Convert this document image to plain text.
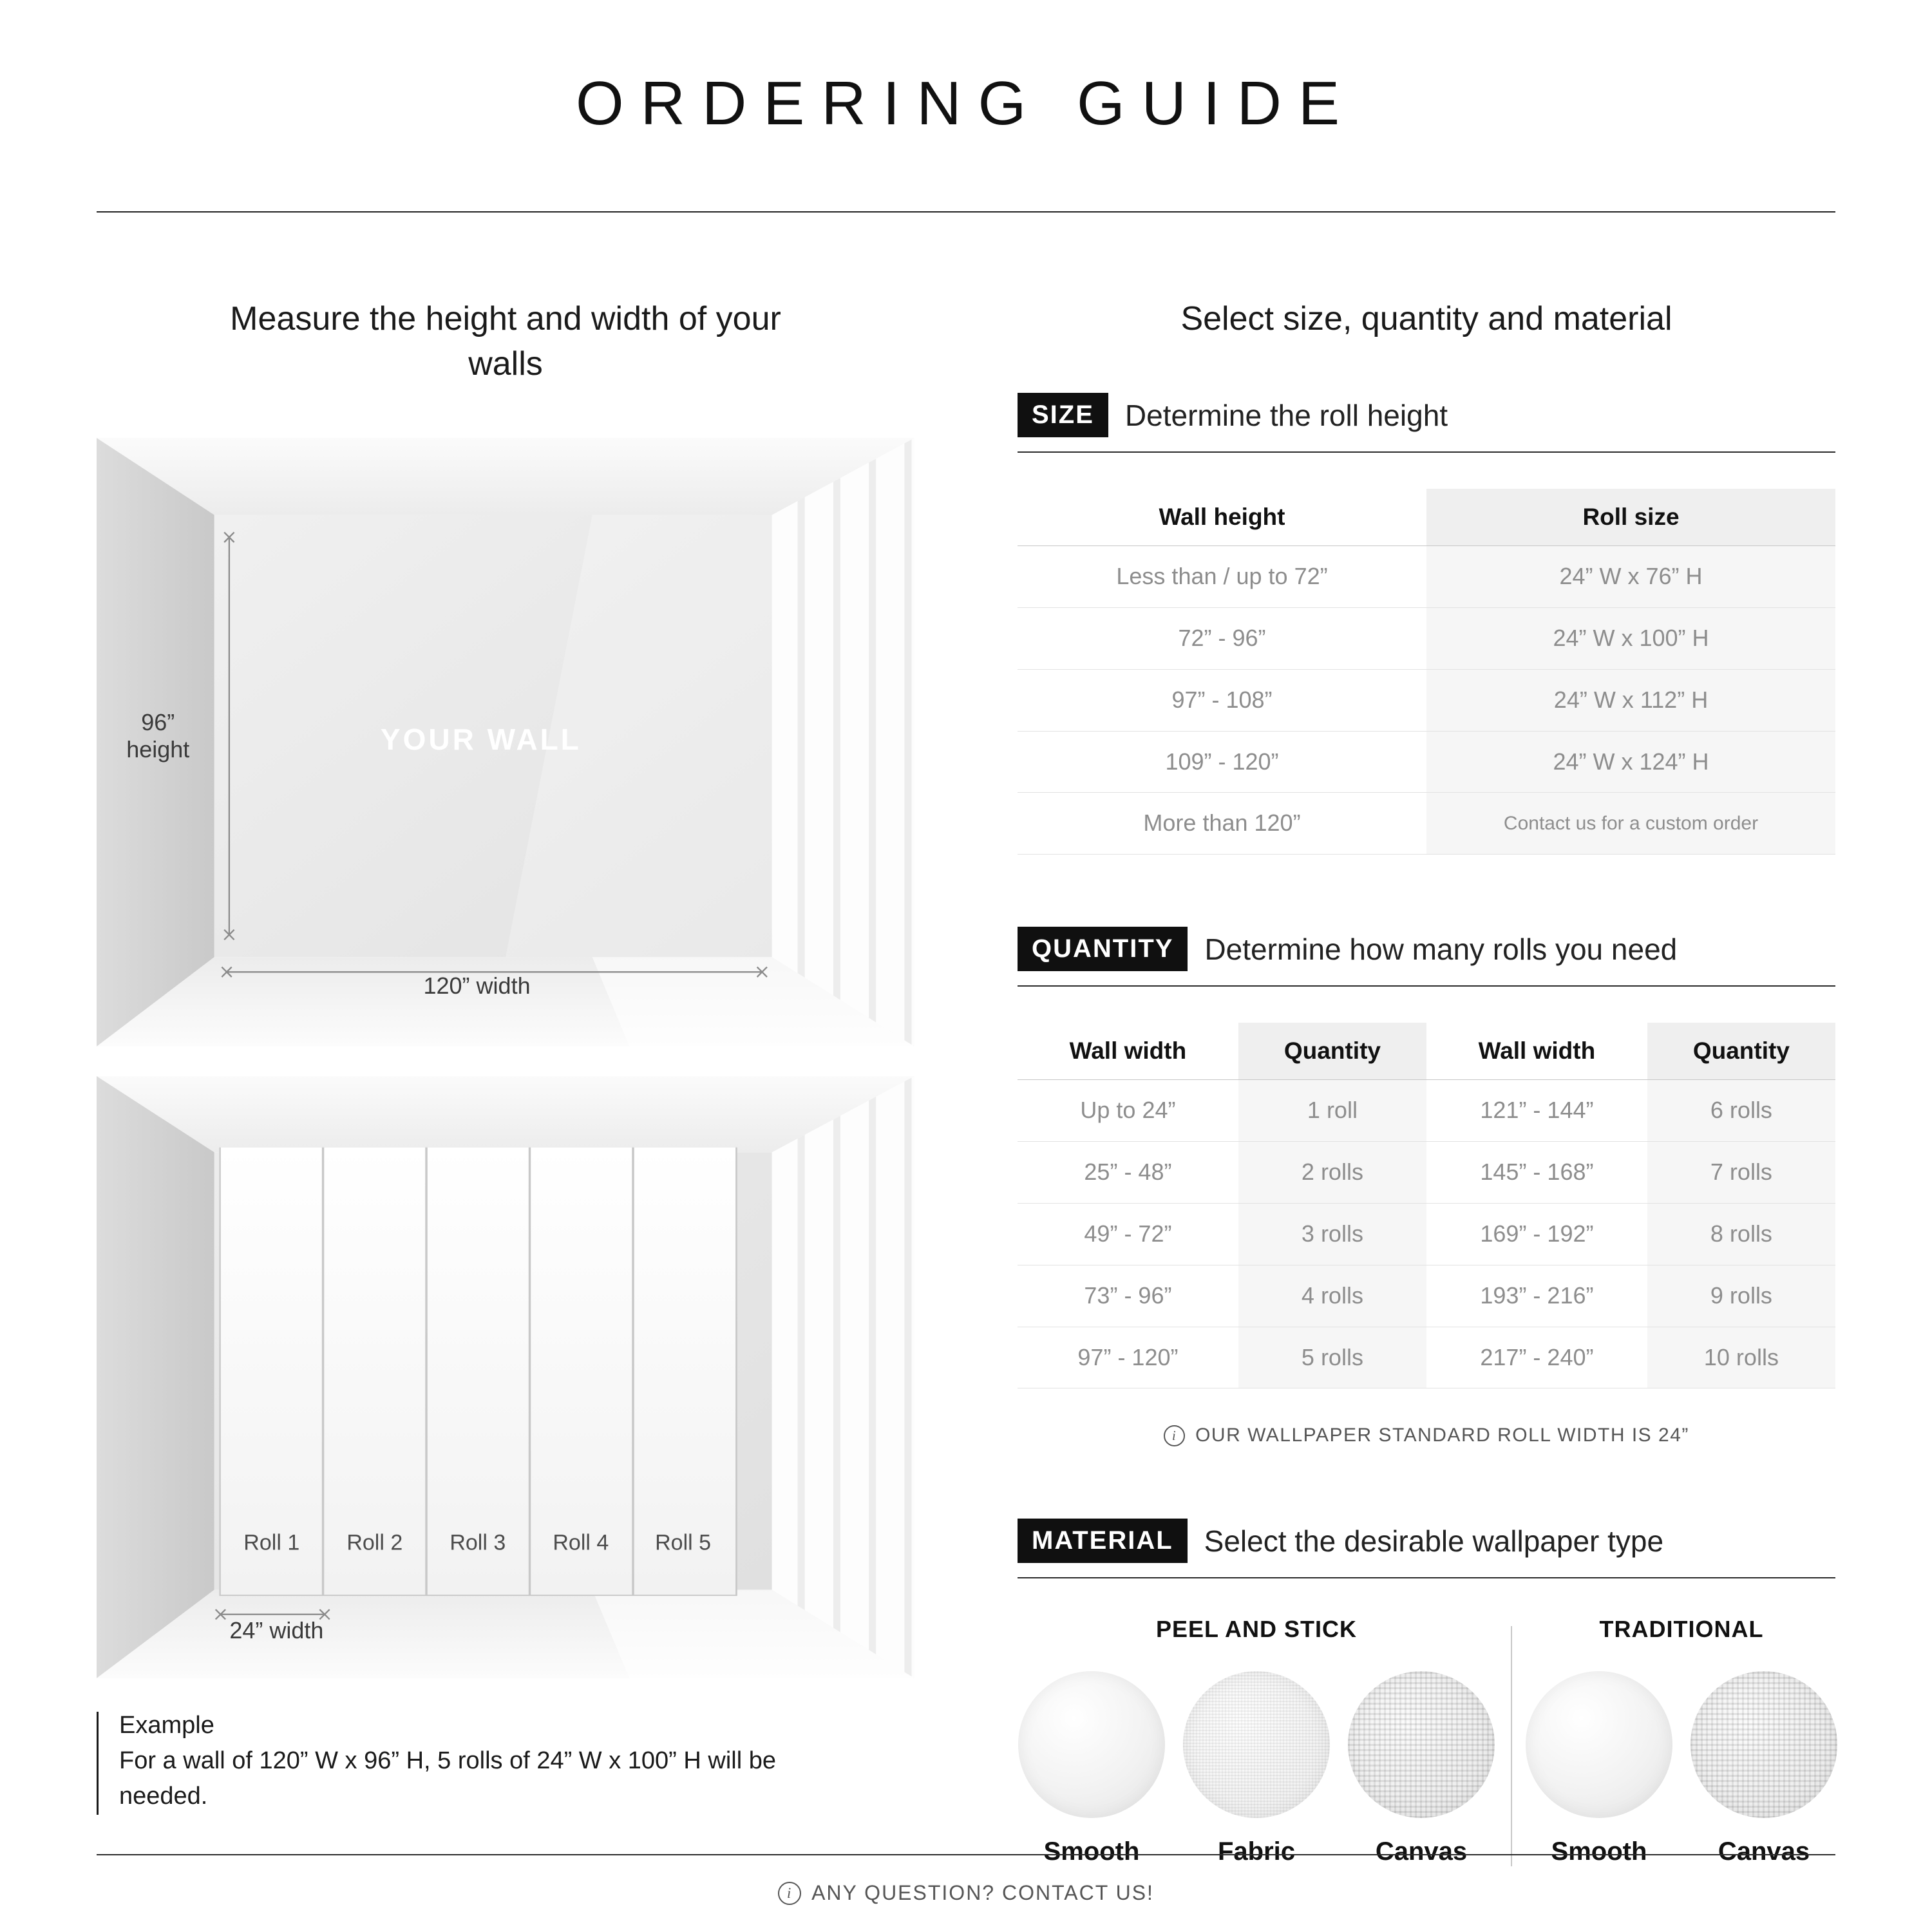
ORDERING GUIDE
Measure the height and width of your walls
96”
height	YOUR WALL
120” width
Roll 1 Roll 2 Roll 3 Roll 4 Roll 5
24” width
Example
For a wall of 120” W x 96” H, 5 rolls of 24” W x 100” H will be needed.
Select size, quantity and material
SIZE	Determine the roll height
Wall height	Roll size
Less than / up to 72”	24” W x 76” H
72” - 96”	24” W x 100” H
97” - 108”	24” W x 112” H
109” - 120”	24” W x 124” H
More than 120”	Contact us for a custom order
QUANTITY	Determine how many rolls you need
Wall width	Quantity	Wall width	Quantity
Up to 24”	1 roll	121” - 144”	6 rolls
25” - 48”	2 rolls	145” - 168”	7 rolls
49” - 72”	3 rolls	169” - 192”	8 rolls
73” - 96”	4 rolls	193” - 216”	9 rolls
97” - 120”	5 rolls	217” - 240”	10 rolls
i OUR WALLPAPER STANDARD ROLL WIDTH IS 24”
MATERIAL	Select the desirable wallpaper type
PEEL AND STICK
Smooth	Fabric	Canvas
TRADITIONAL
Smooth	Canvas
i ANY QUESTION? CONTACT US!
